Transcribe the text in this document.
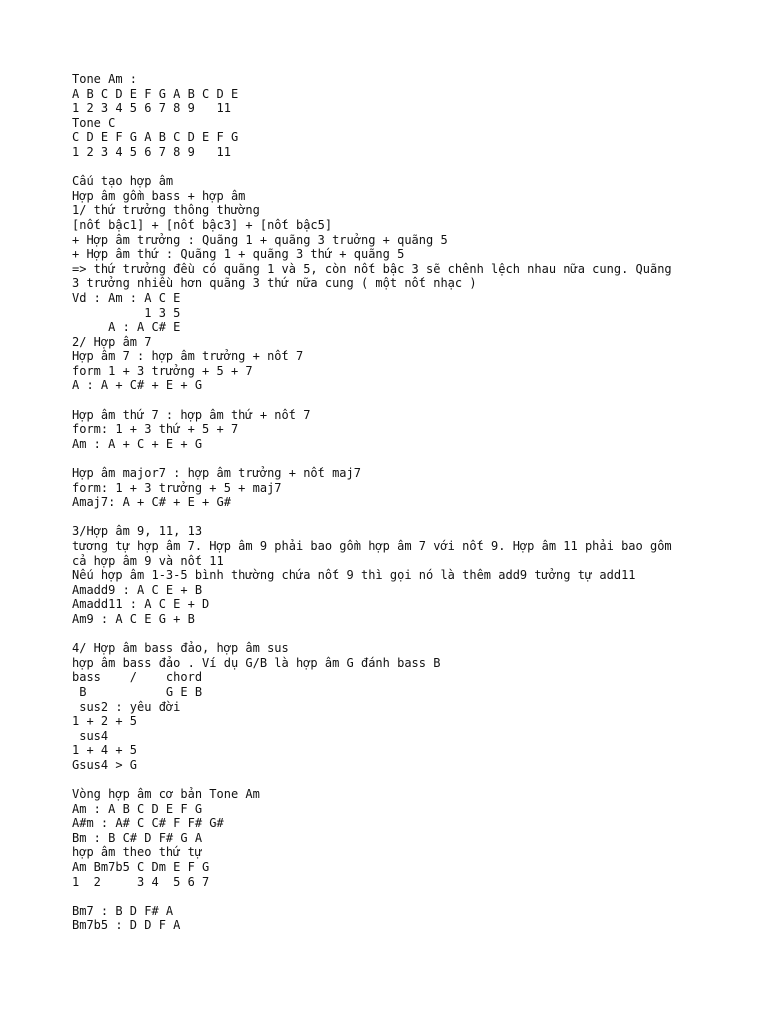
Tone Am :
A B C D E F G A B C D E
1 2 3 4 5 6 7 8 9   11
Tone C
C D E F G A B C D E F G
1 2 3 4 5 6 7 8 9   11
Cấu tạo hợp âm
Hợp âm gồm bass + hợp âm
1/ thứ trưởng thông thường
[nốt bậc1] + [nốt bậc3] + [nốt bậc5]
+ Hợp âm trưởng : Quãng 1 + quãng 3 truởng + quãng 5
+ Hợp âm thứ : Quãng 1 + quãng 3 thứ + quãng 5
=> thứ trưởng đều có quãng 1 và 5, còn nốt bậc 3 sẽ chênh lệch nhau nữa cung. Quãng
3 trưởng nhiều hơn quãng 3 thứ nữa cung ( một nốt nhạc )
Vd : Am : A C E
1 3 5
A : A C# E
2/ Hợp âm 7
Hợp âm 7 : hợp âm trưởng + nốt 7
form 1 + 3 trưởng + 5 + 7
A : A + C# + E + G
Hợp âm thứ 7 : hợp âm thứ + nốt 7
form: 1 + 3 thứ + 5 + 7
Am : A + C + E + G
Hợp âm major7 : hợp âm trưởng + nốt maj7
form: 1 + 3 trưởng + 5 + maj7
Amaj7: A + C# + E + G#
3/Hợp âm 9, 11, 13
tương tự hợp âm 7. Hợp âm 9 phải bao gồm hợp âm 7 với nốt 9. Hợp âm 11 phải bao gôm
cả hợp âm 9 và nốt 11
Nếu hợp âm 1-3-5 bình thường chứa nốt 9 thì gọi nó là thêm add9 tưởng tự add11
Amadd9 : A C E + B
Amadd11 : A C E + D
Am9 : A C E G + B
4/ Hợp âm bass đảo, hợp âm sus
hợp âm bass đảo . Ví dụ G/B là hợp âm G đánh bass B
bass    /    chord
B           G E B
sus2 : yêu đời
1 + 2 + 5
sus4
1 + 4 + 5
Gsus4 > G
Vòng hợp âm cơ bản Tone Am
Am : A B C D E F G
A#m : A# C C# F F# G#
Bm : B C# D F# G A
hợp âm theo thứ tự
Am Bm7b5 C Dm E F G
1  2     3 4  5 6 7
Bm7 : B D F# A
Bm7b5 : D D F A
